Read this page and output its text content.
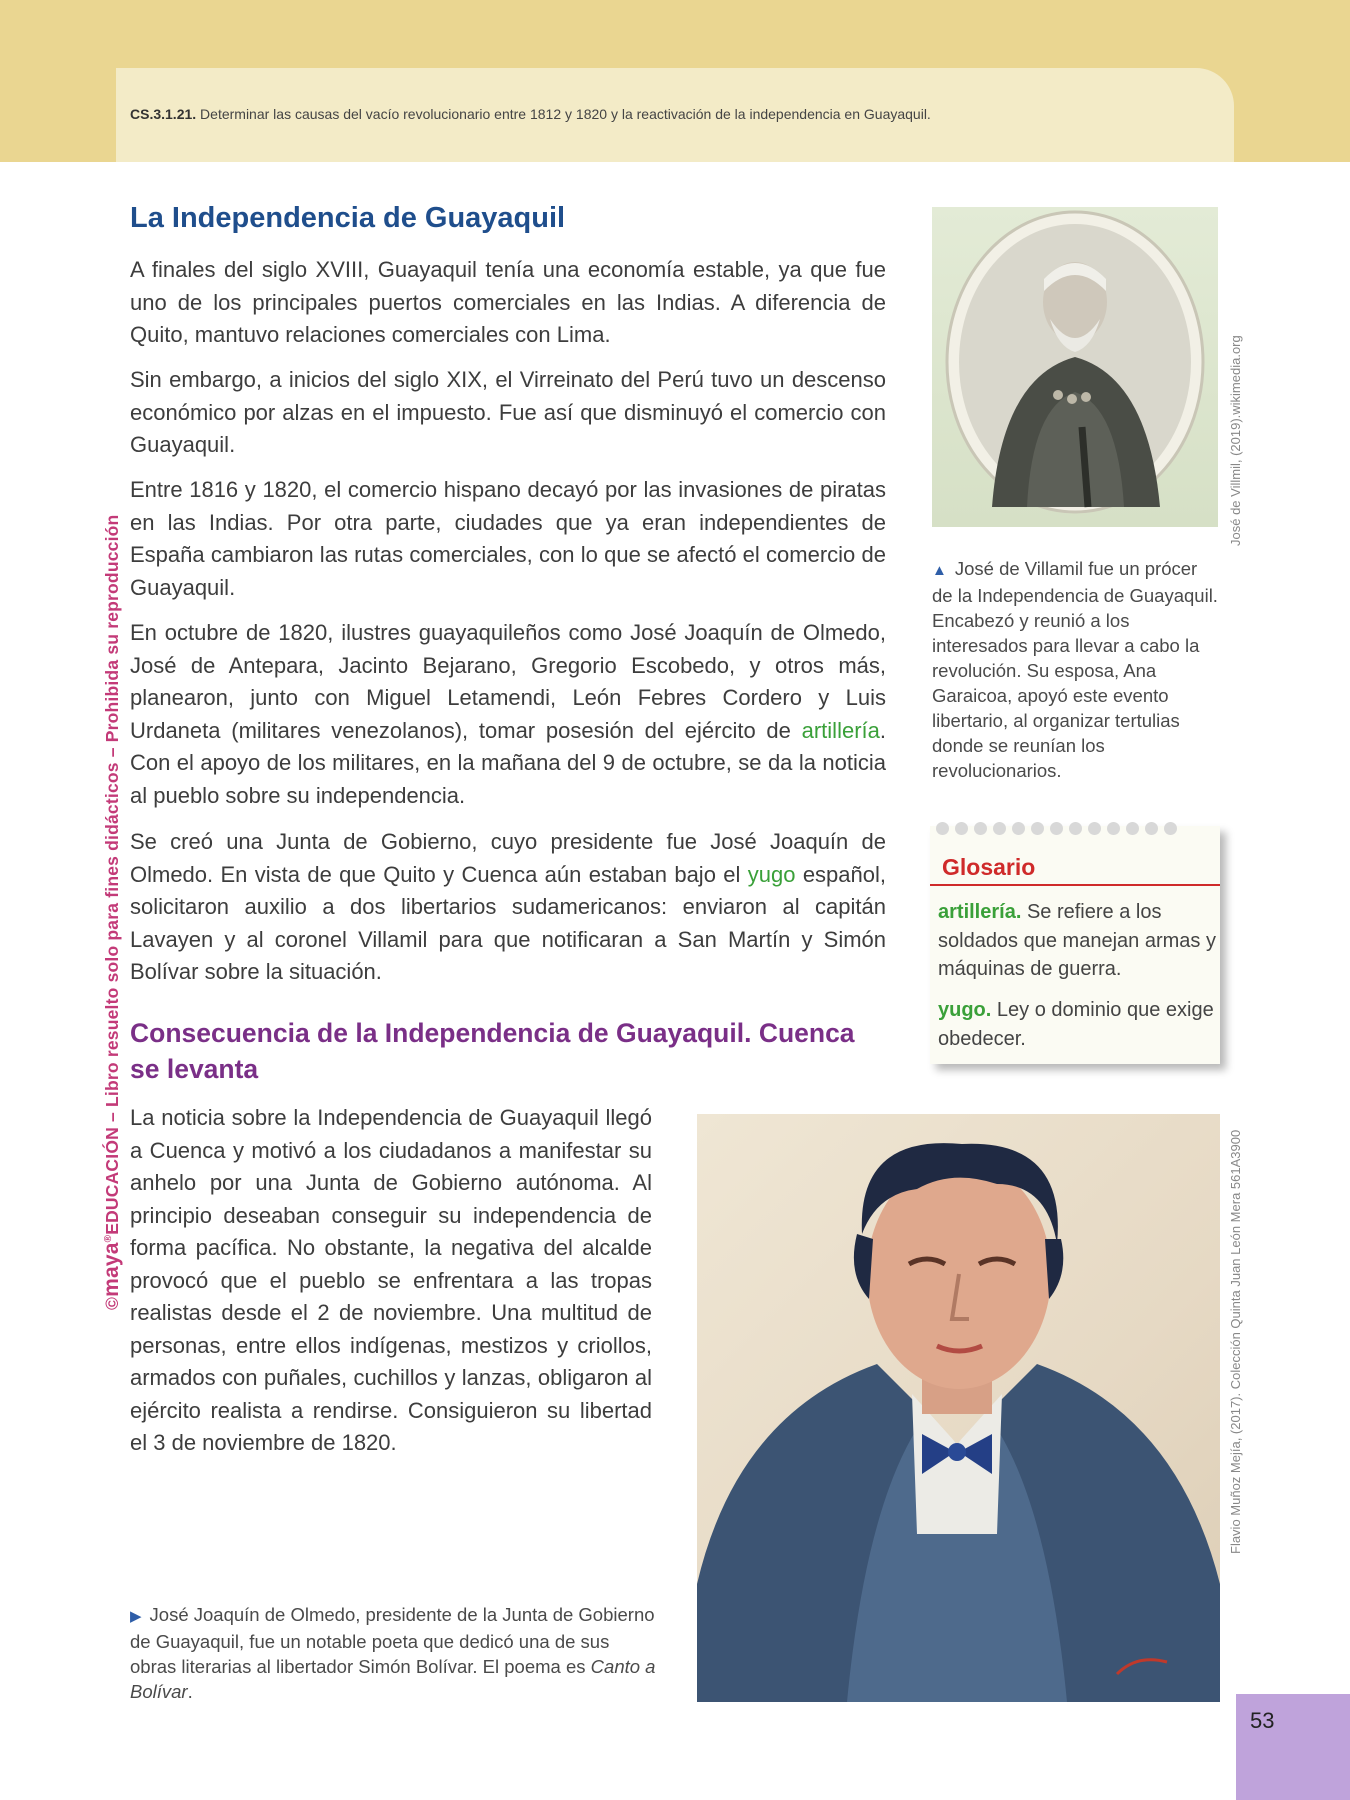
CS.3.1.21. Determinar las causas del vacío revolucionario entre 1812 y 1820 y la reactivación de la independencia en Guayaquil.
©maya®EDUCACIÓN – Libro resuelto solo para fines didácticos – Prohibida su reproducción
La Independencia de Guayaquil

A finales del siglo XVIII, Guayaquil tenía una economía estable, ya que fue uno de los principales puertos comerciales en las Indias. A diferencia de Quito, mantuvo relaciones comerciales con Lima.

Sin embargo, a inicios del siglo XIX, el Virreinato del Perú tuvo un descenso económico por alzas en el impuesto. Fue así que disminuyó el comercio con Guayaquil.

Entre 1816 y 1820, el comercio hispano decayó por las invasiones de piratas en las Indias. Por otra parte, ciudades que ya eran independientes de España cambiaron las rutas comerciales, con lo que se afectó el comercio de Guayaquil.

En octubre de 1820, ilustres guayaquileños como José Joaquín de Olmedo, José de Antepara, Jacinto Bejarano, Gregorio Escobedo, y otros más, planearon, junto con Miguel Letamendi, León Febres Cordero y Luis Urdaneta (militares venezolanos), tomar posesión del ejército de artillería. Con el apoyo de los militares, en la mañana del 9 de octubre, se da la noticia al pueblo sobre su independencia.

Se creó una Junta de Gobierno, cuyo presidente fue José Joaquín de Olmedo. En vista de que Quito y Cuenca aún estaban bajo el yugo español, solicitaron auxilio a dos libertarios sudamericanos: enviaron al capitán Lavayen y al coronel Villamil para que notificaran a San Martín y Simón Bolívar sobre la situación.

Consecuencia de la Independencia de Guayaquil. Cuenca se levanta

La noticia sobre la Independencia de Guayaquil llegó a Cuenca y motivó a los ciudadanos a manifestar su anhelo por una Junta de Gobierno autónoma. Al principio deseaban conseguir su independencia de forma pacífica. No obstante, la negativa del alcalde provocó que el pueblo se enfrentara a las tropas realistas desde el 2 de noviembre. Una multitud de personas, entre ellos indígenas, mestizos y criollos, armados con puñales, cuchillos y lanzas, obligaron al ejército realista a rendirse. Consiguieron su libertad el 3 de noviembre de 1820.

José de Villmil, (2019).wikimedia.org

▲ José de Villamil fue un prócer de la Independencia de Guayaquil. Encabezó y reunió a los interesados para llevar a cabo la revolución. Su esposa, Ana Garaicoa, apoyó este evento libertario, al organizar tertulias donde se reunían los revolucionarios.

Glosario

artillería. Se refiere a los soldados que manejan armas y máquinas de guerra.

yugo. Ley o dominio que exige obedecer.

Flavio Muñoz Mejía, (2017). Colección Quinta Juan León Mera 561A3900

▶ José Joaquín de Olmedo, presidente de la Junta de Gobierno de Guayaquil, fue un notable poeta que dedicó una de sus obras literarias al libertador Simón Bolívar. El poema es Canto a Bolívar.

53
